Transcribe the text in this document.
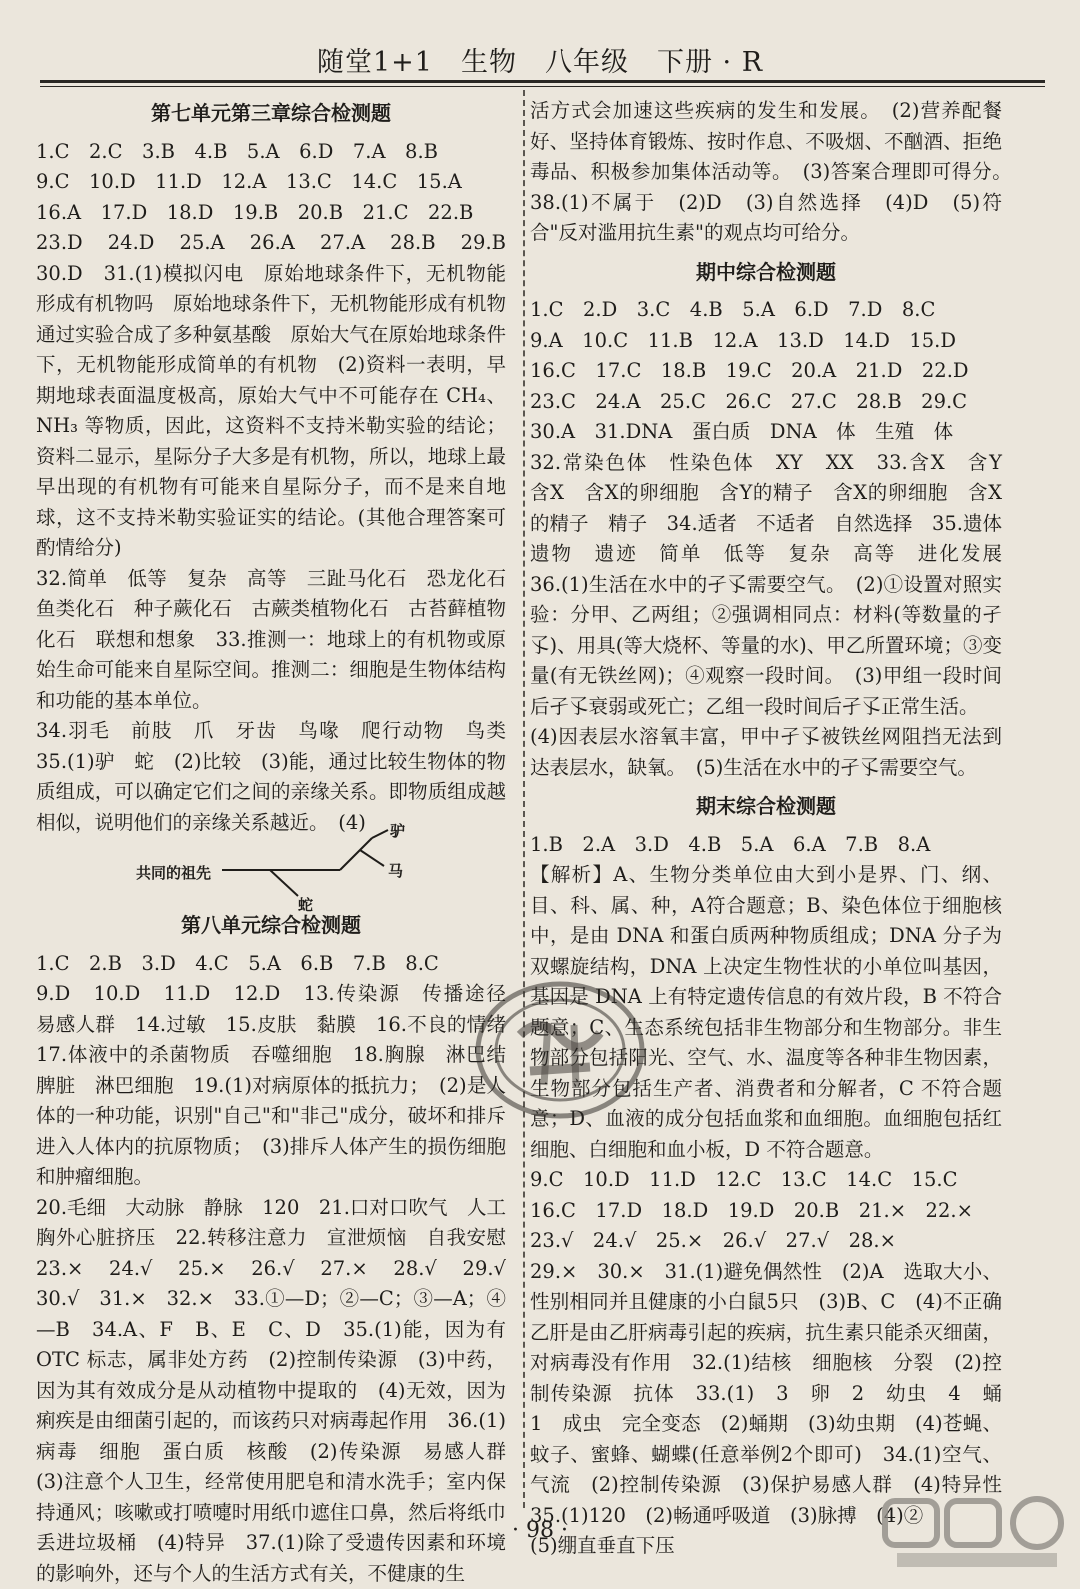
随堂1+1　生物　八年级　下册 · R
第七单元第三章综合检测题

1.C　2.C　3.B　4.B　5.A　6.D　7.A　8.B
9.C　10.D　11.D　12.A　13.C　14.C　15.A
16.A　17.D　18.D　19.B　20.B　21.C　22.B
23.D　24.D　25.A　26.A　27.A　28.B　29.B　30.D　31.(1)模拟闪电　原始地球条件下，无机物能形成有机物吗　原始地球条件下，无机物能形成有机物　通过实验合成了多种氨基酸　原始大气在原始地球条件下，无机物能形成简单的有机物　(2)资料一表明，早期地球表面温度极高，原始大气中不可能存在 CH₄、NH₃ 等物质，因此，这资料不支持米勒实验的结论；资料二显示，星际分子大多是有机物，所以，地球上最早出现的有机物有可能来自星际分子，而不是来自地球，这不支持米勒实验证实的结论。(其他合理答案可酌情给分)
32.简单　低等　复杂　高等　三趾马化石　恐龙化石　鱼类化石　种子蕨化石　古蕨类植物化石　古苔藓植物化石　联想和想象　33.推测一：地球上的有机物或原始生命可能来自星际空间。推测二：细胞是生物体结构和功能的基本单位。
34.羽毛　前肢　爪　牙齿　鸟喙　爬行动物　鸟类　35.(1)驴　蛇　(2)比较　(3)能，通过比较生物体的物质组成，可以确定它们之间的亲缘关系。即物质组成越相似，说明他们的亲缘关系越近。　(4)

共同的祖先
驴
马
蛇
第八单元综合检测题

1.C　2.B　3.D　4.C　5.A　6.B　7.B　8.C
9.D　10.D　11.D　12.D　13.传染源　传播途径　易感人群　14.过敏　15.皮肤　黏膜　16.不良的情绪　17.体液中的杀菌物质　吞噬细胞　18.胸腺　淋巴结　脾脏　淋巴细胞　19.(1)对病原体的抵抗力；　(2)是人体的一种功能，识别"自己"和"非己"成分，破坏和排斥进入人体内的抗原物质；　(3)排斥人体产生的损伤细胞和肿瘤细胞。
20.毛细　大动脉　静脉　120　21.口对口吹气　人工胸外心脏挤压　22.转移注意力　宣泄烦恼　自我安慰　23.×　24.√　25.×　26.√　27.×　28.√　29.√　30.√　31.×　32.×　33.①—D；②—C；③—A；④—B　34.A、F　B、E　C、D　35.(1)能，因为有 OTC 标志，属非处方药　(2)控制传染源　(3)中药，因为其有效成分是从动植物中提取的　(4)无效，因为痢疾是由细菌引起的，而该药只对病毒起作用　36.(1)病毒　细胞　蛋白质　核酸　(2)传染源　易感人群　(3)注意个人卫生，经常使用肥皂和清水洗手；室内保持通风；咳嗽或打喷嚏时用纸巾遮住口鼻，然后将纸巾丢进垃圾桶　(4)特异　37.(1)除了受遗传因素和环境的影响外，还与个人的生活方式有关，不健康的生

活方式会加速这些疾病的发生和发展。　(2)营养配餐好、坚持体育锻炼、按时作息、不吸烟、不酗酒、拒绝毒品、积极参加集体活动等。　(3)答案合理即可得分。　38.(1)不属于　(2)D　(3)自然选择　(4)D　(5)符合"反对滥用抗生素"的观点均可给分。

期中综合检测题

1.C　2.D　3.C　4.B　5.A　6.D　7.D　8.C
9.A　10.C　11.B　12.A　13.D　14.D　15.D
16.C　17.C　18.B　19.C　20.A　21.D　22.D
23.C　24.A　25.C　26.C　27.C　28.B　29.C
30.A　31.DNA　蛋白质　DNA　体　生殖　体
32.常染色体　性染色体　XY　XX　33.含X　含Y　含X　含X的卵细胞　含Y的精子　含X的卵细胞　含X的精子　精子　34.适者　不适者　自然选择　35.遗体　遗物　遗迹　简单　低等　复杂　高等　进化发展　36.(1)生活在水中的孑孓需要空气。　(2)①设置对照实验：分甲、乙两组；②强调相同点：材料(等数量的孑孓)、用具(等大烧杯、等量的水)、甲乙所置环境；③变量(有无铁丝网)；④观察一段时间。　(3)甲组一段时间后孑孓衰弱或死亡；乙组一段时间后孑孓正常生活。
(4)因表层水溶氧丰富，甲中孑孓被铁丝网阻挡无法到达表层水，缺氧。　(5)生活在水中的孑孓需要空气。

期末综合检测题

1.B　2.A　3.D　4.B　5.A　6.A　7.B　8.A
【解析】A、生物分类单位由大到小是界、门、纲、目、科、属、种，A符合题意；B、染色体位于细胞核中，是由 DNA 和蛋白质两种物质组成；DNA 分子为双螺旋结构，DNA 上决定生物性状的小单位叫基因，基因是 DNA 上有特定遗传信息的有效片段，B 不符合题意；C、生态系统包括非生物部分和生物部分。非生物部分包括阳光、空气、水、温度等各种非生物因素，生物部分包括生产者、消费者和分解者，C 不符合题意；D、血液的成分包括血浆和血细胞。血细胞包括红细胞、白细胞和血小板，D 不符合题意。
9.C　10.D　11.D　12.C　13.C　14.C　15.C
16.C　17.D　18.D　19.D　20.B　21.×　22.×
23.√　24.√　25.×　26.√　27.√　28.×
29.×　30.×　31.(1)避免偶然性　(2)A　选取大小、性别相同并且健康的小白鼠5只　(3)B、C　(4)不正确　乙肝是由乙肝病毒引起的疾病，抗生素只能杀灭细菌，对病毒没有作用　32.(1)结核　细胞核　分裂　(2)控制传染源　抗体　33.(1)　3　卵　2　幼虫　4　蛹　1　成虫　完全变态　(2)蛹期　(3)幼虫期　(4)苍蝇、蚊子、蜜蜂、蝴蝶(任意举例2个即可)　34.(1)空气、气流　(2)控制传染源　(3)保护易感人群　(4)特异性　35.(1)120　(2)畅通呼吸道　(3)脉搏　(4)②
(5)绷直垂直下压

· 98 ·
